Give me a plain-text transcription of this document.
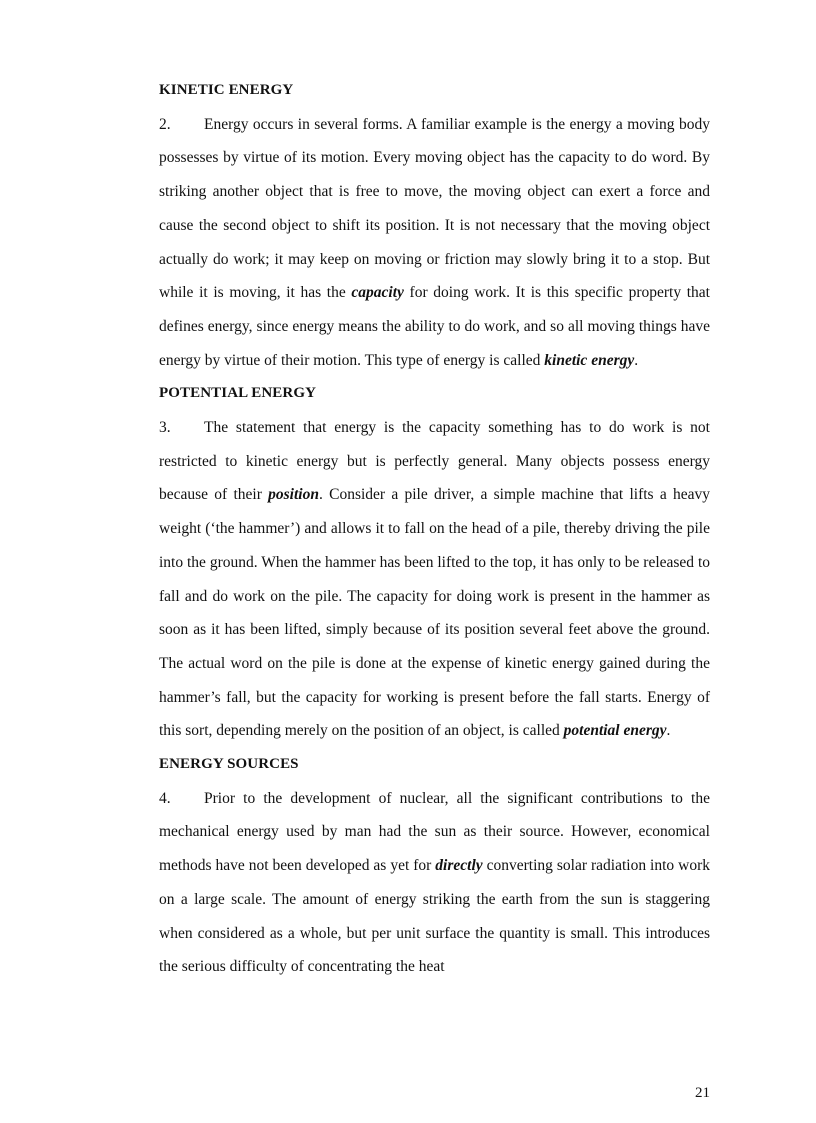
KINETIC ENERGY

2. Energy occurs in several forms. A familiar example is the energy a moving body possesses by virtue of its motion. Every moving object has the capacity to do word. By striking another object that is free to move, the moving object can exert a force and cause the second object to shift its position. It is not necessary that the moving object actually do work; it may keep on moving or friction may slowly bring it to a stop. But while it is moving, it has the capacity for doing work. It is this specific property that defines energy, since energy means the ability to do work, and so all moving things have energy by virtue of their motion. This type of energy is called kinetic energy.

POTENTIAL ENERGY

3. The statement that energy is the capacity something has to do work is not restricted to kinetic energy but is perfectly general. Many objects possess energy because of their position. Consider a pile driver, a simple machine that lifts a heavy weight (‘the hammer’) and allows it to fall on the head of a pile, thereby driving the pile into the ground. When the hammer has been lifted to the top, it has only to be released to fall and do work on the pile. The capacity for doing work is present in the hammer as soon as it has been lifted, simply because of its position several feet above the ground. The actual word on the pile is done at the expense of kinetic energy gained during the hammer’s fall, but the capacity for working is present before the fall starts. Energy of this sort, depending merely on the position of an object, is called potential energy.

ENERGY SOURCES

4. Prior to the development of nuclear, all the significant contributions to the mechanical energy used by man had the sun as their source. However, economical methods have not been developed as yet for directly converting solar radiation into work on a large scale. The amount of energy striking the earth from the sun is staggering when considered as a whole, but per unit surface the quantity is small. This introduces the serious difficulty of concentrating the heat

21
